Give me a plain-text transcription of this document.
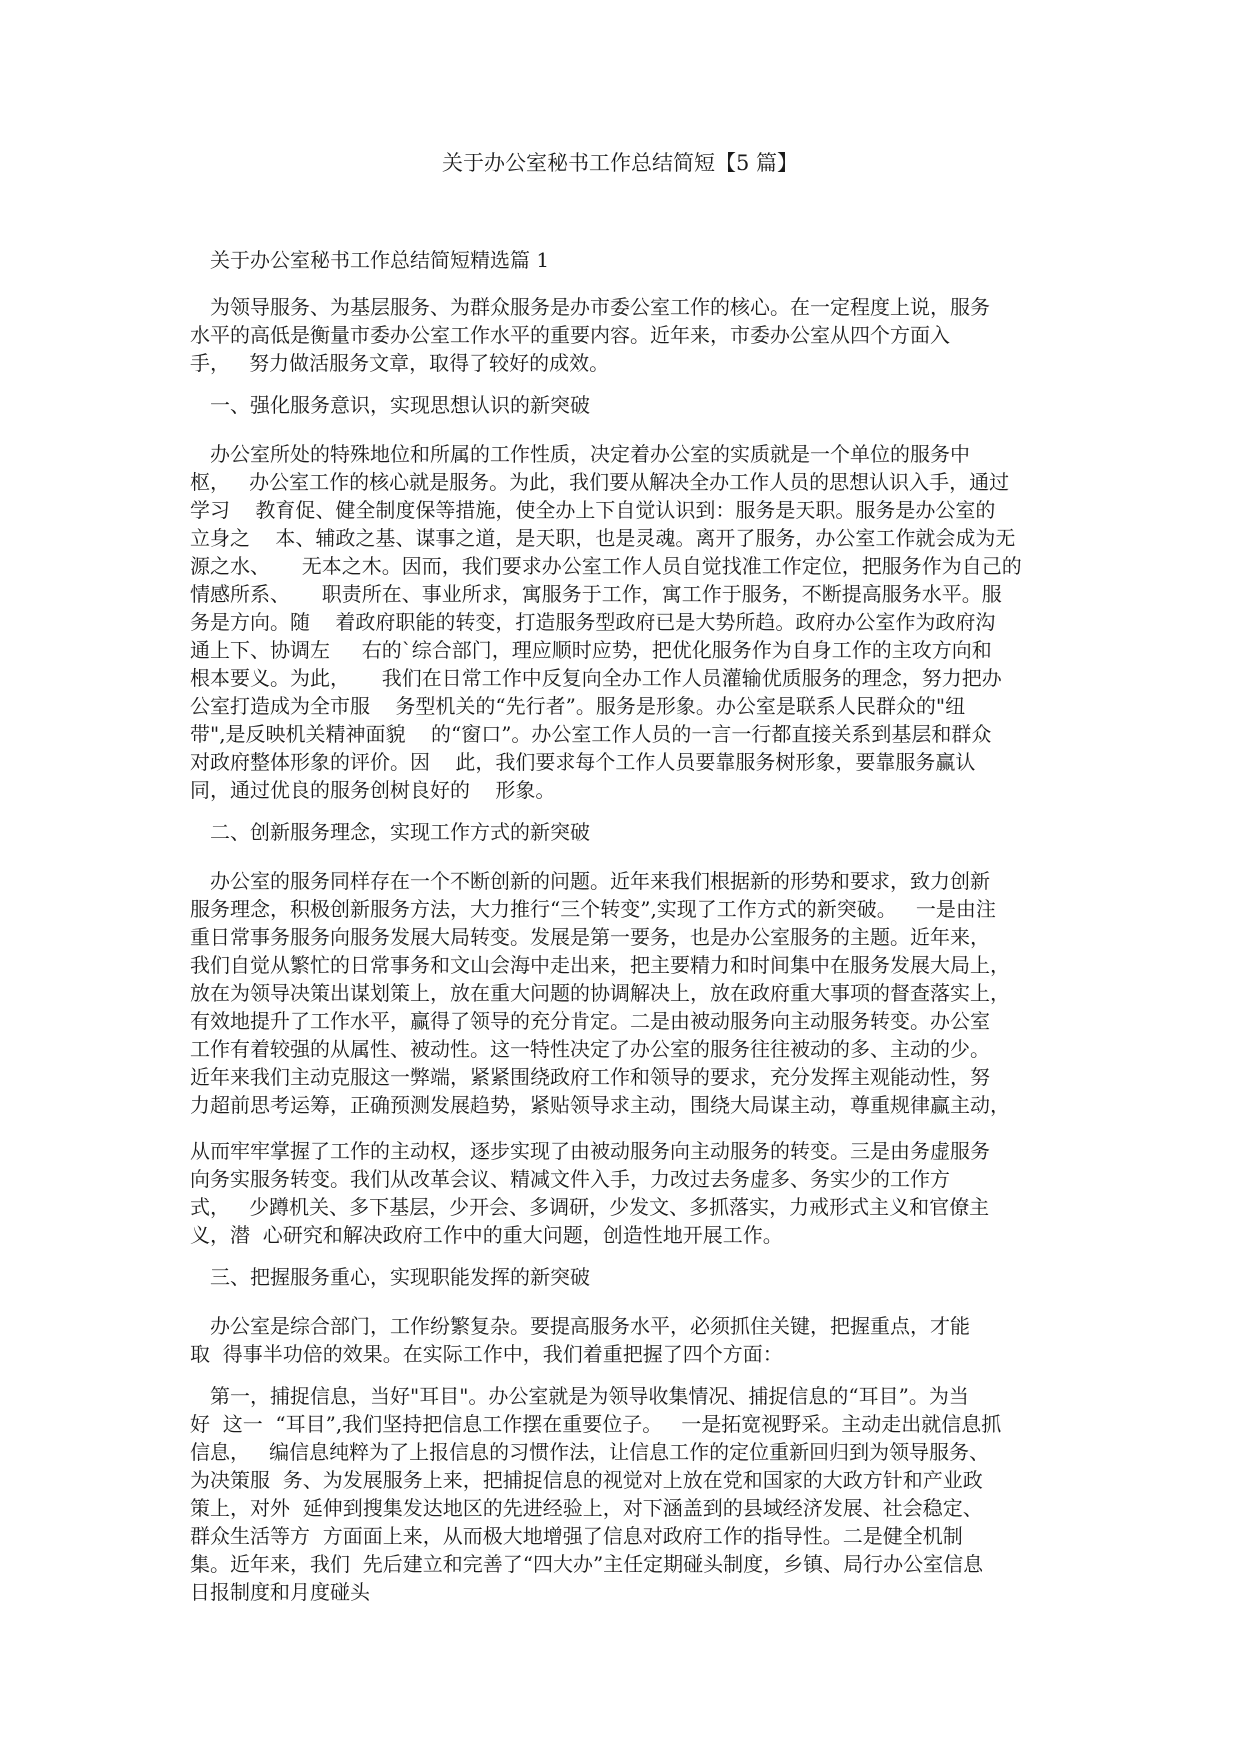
关于办公室秘书工作总结简短【5 篇】

关于办公室秘书工作总结简短精选篇 1

为领导服务、为基层服务、为群众服务是办市委公室工作的核心。在一定程度上说，服务

水平的高低是衡量市委办公室工作水平的重要内容。近年来，市委办公室从四个方面入

手，   努力做活服务文章，取得了较好的成效。

一、强化服务意识，实现思想认识的新突破

办公室所处的特殊地位和所属的工作性质，决定着办公室的实质就是一个单位的服务中

枢，   办公室工作的核心就是服务。为此，我们要从解决全办工作人员的思想认识入手，通过

学习    教育促、健全制度保等措施，使全办上下自觉认识到：服务是天职。服务是办公室的

立身之    本、辅政之基、谋事之道，是天职，也是灵魂。离开了服务，办公室工作就会成为无

源之水、     无本之木。因而，我们要求办公室工作人员自觉找准工作定位，把服务作为自己的

情感所系、     职责所在、事业所求，寓服务于工作，寓工作于服务，不断提高服务水平。服

务是方向。随    着政府职能的转变，打造服务型政府已是大势所趋。政府办公室作为政府沟

通上下、协调左     右的`综合部门，理应顺时应势，把优化服务作为自身工作的主攻方向和

根本要义。为此，     我们在日常工作中反复向全办工作人员灌输优质服务的理念，努力把办

公室打造成为全市服    务型机关的“先行者”。服务是形象。办公室是联系人民群众的"纽

带",是反映机关精神面貌    的“窗口”。办公室工作人员的一言一行都直接关系到基层和群众

对政府整体形象的评价。因    此，我们要求每个工作人员要靠服务树形象，要靠服务赢认

同，通过优良的服务创树良好的    形象。

二、创新服务理念，实现工作方式的新突破

办公室的服务同样存在一个不断创新的问题。近年来我们根据新的形势和要求，致力创新

服务理念，积极创新服务方法，大力推行“三个转变”,实现了工作方式的新突破。   一是由注

重日常事务服务向服务发展大局转变。发展是第一要务，也是办公室服务的主题。近年来，

我们自觉从繁忙的日常事务和文山会海中走出来，把主要精力和时间集中在服务发展大局上，

放在为领导决策出谋划策上，放在重大问题的协调解决上，放在政府重大事项的督查落实上，

有效地提升了工作水平，赢得了领导的充分肯定。二是由被动服务向主动服务转变。办公室

工作有着较强的从属性、被动性。这一特性决定了办公室的服务往往被动的多、主动的少。

近年来我们主动克服这一弊端，紧紧围绕政府工作和领导的要求，充分发挥主观能动性，努

力超前思考运筹，正确预测发展趋势，紧贴领导求主动，围绕大局谋主动，尊重规律赢主动，

从而牢牢掌握了工作的主动权，逐步实现了由被动服务向主动服务的转变。三是由务虚服务

向务实服务转变。我们从改革会议、精减文件入手，力改过去务虚多、务实少的工作方

式，   少蹲机关、多下基层，少开会、多调研，少发文、多抓落实，力戒形式主义和官僚主

义，潜  心研究和解决政府工作中的重大问题，创造性地开展工作。

三、把握服务重心，实现职能发挥的新突破

办公室是综合部门，工作纷繁复杂。要提高服务水平，必须抓住关键，把握重点，才能

取  得事半功倍的效果。在实际工作中，我们着重把握了四个方面：

第一，捕捉信息，当好"耳目"。办公室就是为领导收集情况、捕捉信息的“耳目”。为当

好  这一  “耳目”,我们坚持把信息工作摆在重要位子。   一是拓宽视野采。主动走出就信息抓

信息，   编信息纯粹为了上报信息的习惯作法，让信息工作的定位重新回归到为领导服务、

为决策服  务、为发展服务上来，把捕捉信息的视觉对上放在党和国家的大政方针和产业政

策上，对外  延伸到搜集发达地区的先进经验上，对下涵盖到的县域经济发展、社会稳定、

群众生活等方  方面面上来，从而极大地增强了信息对政府工作的指导性。二是健全机制

集。近年来，我们  先后建立和完善了“四大办”主任定期碰头制度，乡镇、局行办公室信息

日报制度和月度碰头
